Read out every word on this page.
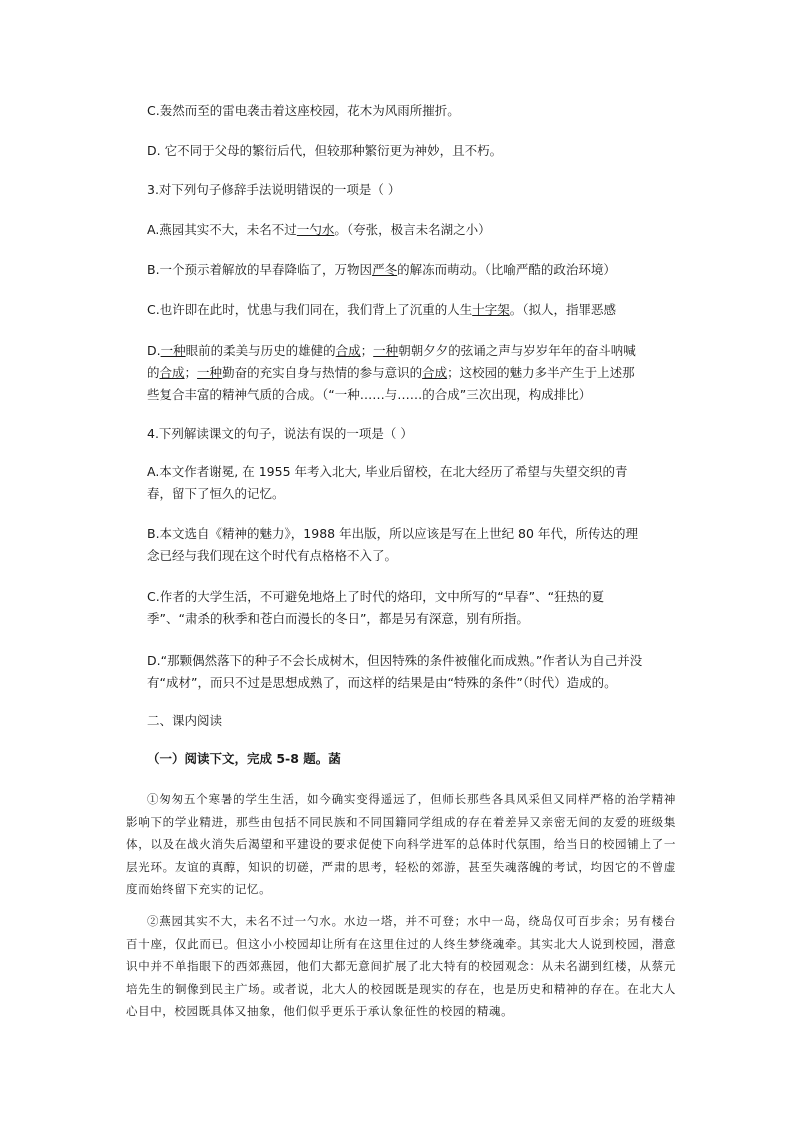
C.轰然而至的雷电袭击着这座校园，花木为风雨所摧折。
D. 它不同于父母的繁衍后代，但较那种繁衍更为神妙，且不朽。
3.对下列句子修辞手法说明错误的一项是（ ）
A.燕园其实不大，未名不过一勺水。（夸张，极言未名湖之小）
B.一个预示着解放的早春降临了，万物因严冬的解冻而萌动。（比喻严酷的政治环境）
C.也许即在此时，忧患与我们同在，我们背上了沉重的人生十字架。（拟人，指罪恶感
D.一种眼前的柔美与历史的雄健的合成；一种朝朝夕夕的弦诵之声与岁岁年年的奋斗呐喊的合成；一种勤奋的充实自身与热情的参与意识的合成；这校园的魅力多半产生于上述那些复合丰富的精神气质的合成。（“一种……与……的合成”三次出现，构成排比）
4.下列解读课文的句子，说法有误的一项是（ ）
A.本文作者谢冕, 在 1955 年考入北大, 毕业后留校，在北大经历了希望与失望交织的青春，留下了恒久的记忆。
B.本文选自《精神的魅力》，1988 年出版，所以应该是写在上世纪 80 年代，所传达的理念已经与我们现在这个时代有点格格不入了。
C.作者的大学生活，不可避免地烙上了时代的烙印，文中所写的“早春”、“狂热的夏季”、“肃杀的秋季和苍白而漫长的冬日”，都是另有深意，别有所指。
D.“那颗偶然落下的种子不会长成树木，但因特殊的条件被催化而成熟。”作者认为自己并没有“成材”，而只不过是思想成熟了，而这样的结果是由“特殊的条件”（时代）造成的。
二、课内阅读
（一）阅读下文，完成 5-8 题。菡
①匆匆五个寒暑的学生生活，如今确实变得遥远了，但师长那些各具风采但又同样严格的治学精神影响下的学业精进，那些由包括不同民族和不同国籍同学组成的存在着差异又亲密无间的友爱的班级集体，以及在战火消失后渴望和平建设的要求促使下向科学进军的总体时代氛围，给当日的校园铺上了一层光环。友谊的真醇，知识的切磋，严肃的思考，轻松的郊游，甚至失魂落魄的考试，均因它的不曾虚度而始终留下充实的记忆。
②燕园其实不大，未名不过一勺水。水边一塔，并不可登；水中一岛，绕岛仅可百步余；另有楼台百十座，仅此而已。但这小小校园却让所有在这里住过的人终生梦绕魂牵。其实北大人说到校园，潜意识中并不单指眼下的西郊燕园，他们大都无意间扩展了北大特有的校园观念：从未名湖到红楼，从蔡元培先生的铜像到民主广场。或者说，北大人的校园既是现实的存在，也是历史和精神的存在。在北大人心目中，校园既具体又抽象，他们似乎更乐于承认象征性的校园的精魂。
